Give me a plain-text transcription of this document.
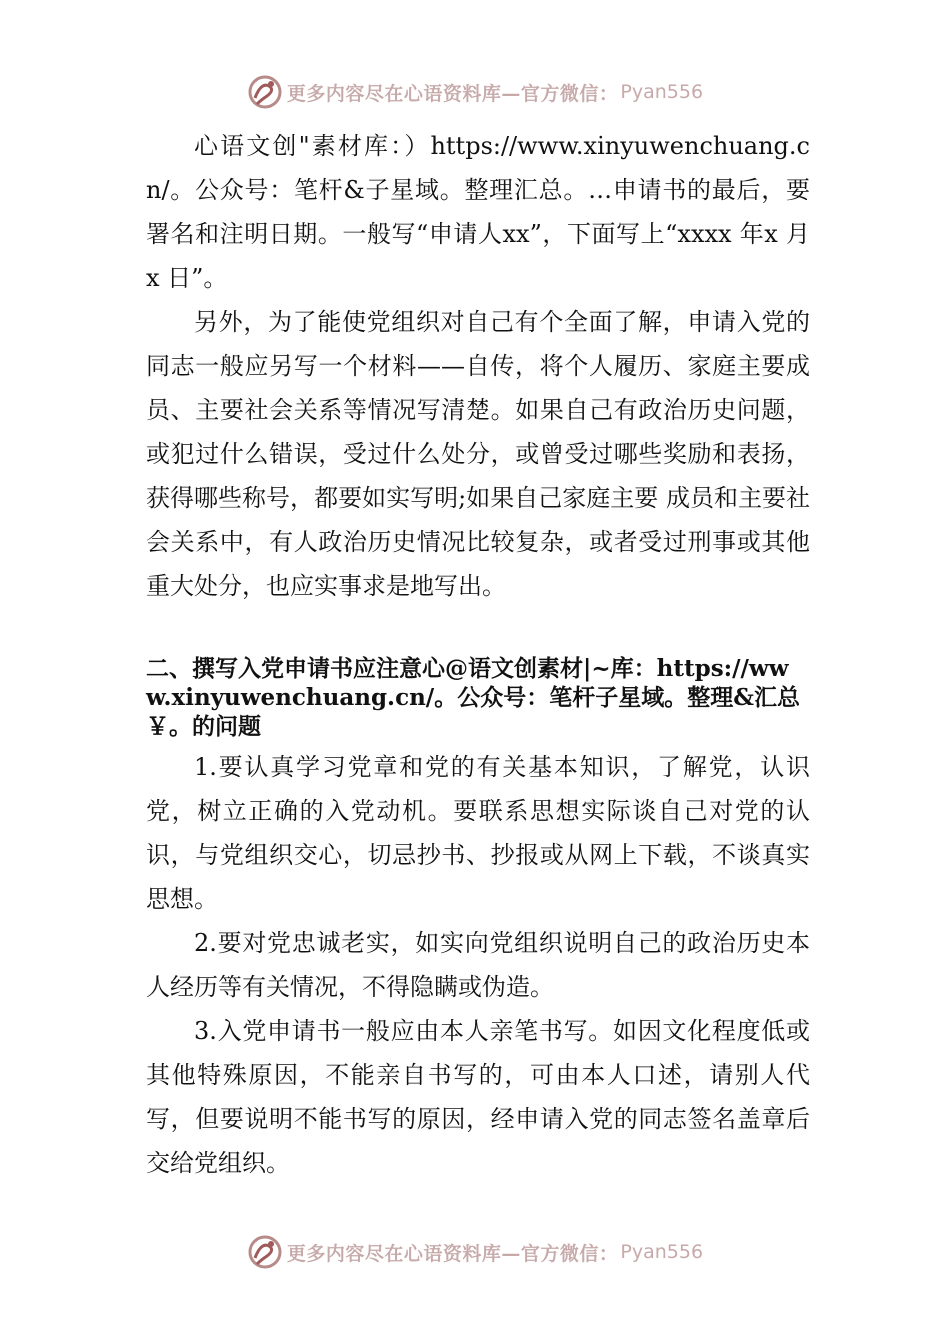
更多内容尽在心语资料库—官方微信： Pyan556

心语文创"素材库：）https://www.xinyuwenchuang.cn/。公众号：笔杆&子星域。整理汇总。…申请书的最后，要署名和注明日期。一般写“申请人xx”，下面写上“xxxx 年x 月x 日”。

另外，为了能使党组织对自己有个全面了解，申请入党的同志一般应另写一个材料——自传，将个人履历、家庭主要成员、主要社会关系等情况写清楚。如果自己有政治历史问题，或犯过什么错误，受过什么处分，或曾受过哪些奖励和表扬，获得哪些称号，都要如实写明;如果自己家庭主要 成员和主要社会关系中，有人政治历史情况比较复杂，或者受过刑事或其他重大处分，也应实事求是地写出。

二、撰写入党申请书应注意心@语文创素材|~库：https://www.xinyuwenchuang.cn/。公众号：笔杆子星域。整理&汇总￥。的问题

1.要认真学习党章和党的有关基本知识，了解党，认识党，树立正确的入党动机。要联系思想实际谈自己对党的认识，与党组织交心，切忌抄书、抄报或从网上下载，不谈真实思想。

2.要对党忠诚老实，如实向党组织说明自己的政治历史本人经历等有关情况，不得隐瞒或伪造。

3.入党申请书一般应由本人亲笔书写。如因文化程度低或其他特殊原因，不能亲自书写的，可由本人口述，请别人代写，但要说明不能书写的原因，经申请入党的同志签名盖章后交给党组织。

更多内容尽在心语资料库—官方微信： Pyan556
